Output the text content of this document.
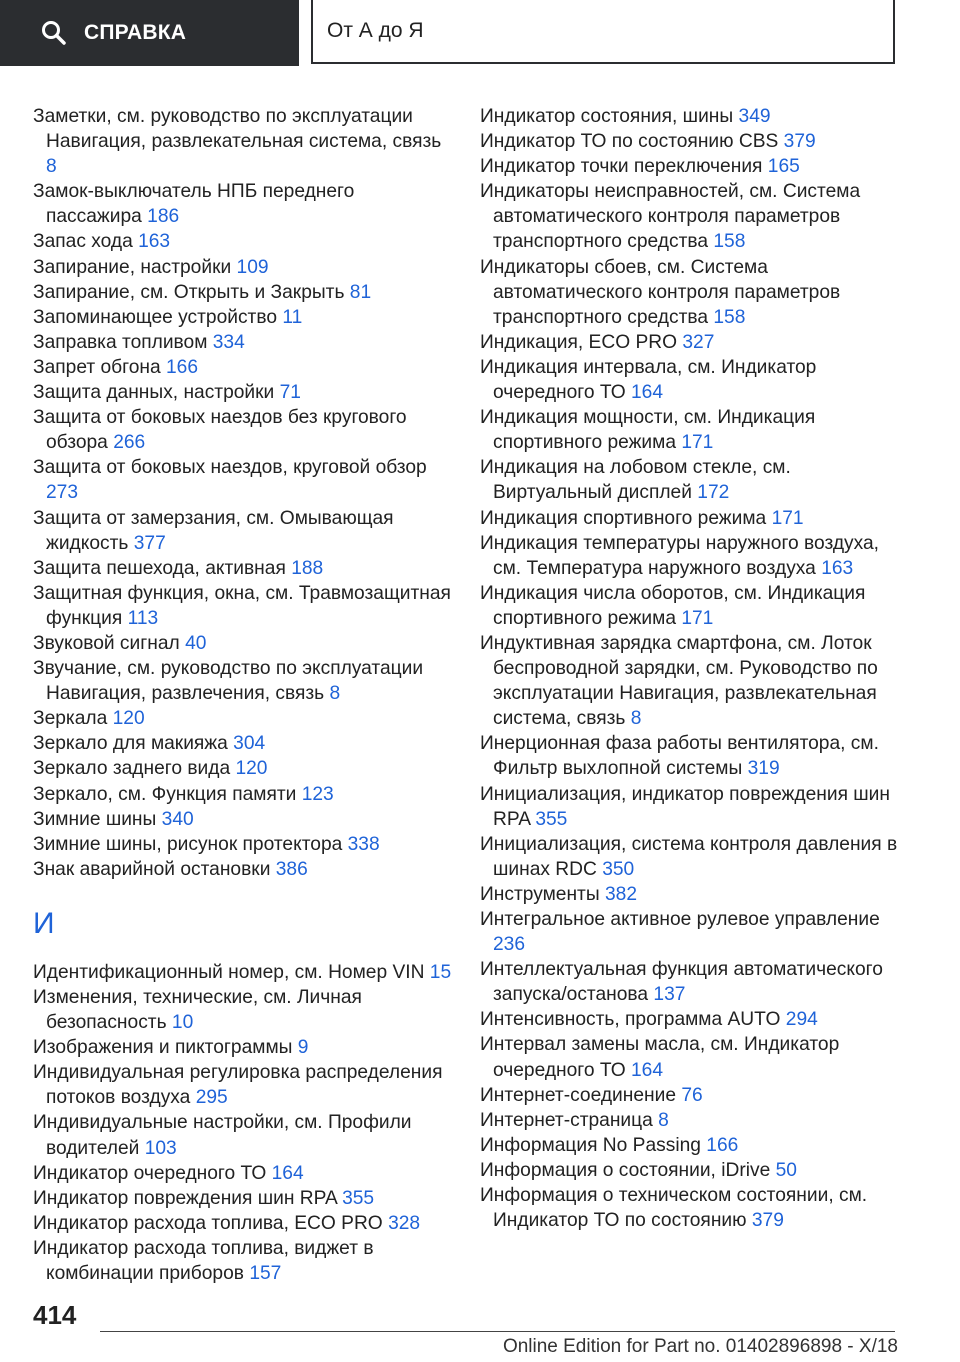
СПРАВКА	От А до Я

Заметки, см. руководство по эксплуатации Навигация, развлекательная система, связь 8

Замок-выключатель НПБ переднего пассажира 186

Запас хода 163

Запирание, настройки 109

Запирание, см. Открыть и Закрыть 81

Запоминающее устройство 11

Заправка топливом 334

Запрет обгона 166

Защита данных, настройки 71

Защита от боковых наездов без кругового обзора 266

Защита от боковых наездов, круговой обзор 273

Защита от замерзания, см. Омывающая жидкость 377

Защита пешехода, активная 188

Защитная функция, окна, см. Травмозащитная функция 113

Звуковой сигнал 40

Звучание, см. руководство по эксплуатации Навигация, развлечения, связь 8

Зеркала 120

Зеркало для макияжа 304

Зеркало заднего вида 120

Зеркало, см. Функция памяти 123

Зимние шины 340

Зимние шины, рисунок протектора 338

Знак аварийной остановки 386

И

Идентификационный номер, см. Номер VIN 15

Изменения, технические, см. Личная безопасность 10

Изображения и пиктограммы 9

Индивидуальная регулировка распределения потоков воздуха 295

Индивидуальные настройки, см. Профили водителей 103

Индикатор очередного ТО 164

Индикатор повреждения шин RPA 355

Индикатор расхода топлива, ECO PRO 328

Индикатор расхода топлива, виджет в комбинации приборов 157

Индикатор состояния, шины 349

Индикатор ТО по состоянию CBS 379

Индикатор точки переключения 165

Индикаторы неисправностей, см. Система автоматического контроля параметров транспортного средства 158

Индикаторы сбоев, см. Система автоматического контроля параметров транспортного средства 158

Индикация, ECO PRO 327

Индикация интервала, см. Индикатор очередного ТО 164

Индикация мощности, см. Индикация спортивного режима 171

Индикация на лобовом стекле, см. Виртуальный дисплей 172

Индикация спортивного режима 171

Индикация температуры наружного воздуха, см. Температура наружного воздуха 163

Индикация числа оборотов, см. Индикация спортивного режима 171

Индуктивная зарядка смартфона, см. Лоток беспроводной зарядки, см. Руководство по эксплуатации Навигация, развлекательная система, связь 8

Инерционная фаза работы вентилятора, см. Фильтр выхлопной системы 319

Инициализация, индикатор повреждения шин RPA 355

Инициализация, система контроля давления в шинах RDC 350

Инструменты 382

Интегральное активное рулевое управление 236

Интеллектуальная функция автоматического запуска/останова 137

Интенсивность, программа AUTO 294

Интервал замены масла, см. Индикатор очередного ТО 164

Интернет-соединение 76

Интернет-страница 8

Информация No Passing 166

Информация о состоянии, iDrive 50

Информация о техническом состоянии, см. Индикатор ТО по состоянию 379

414
Online Edition for Part no. 01402896898 - X/18
